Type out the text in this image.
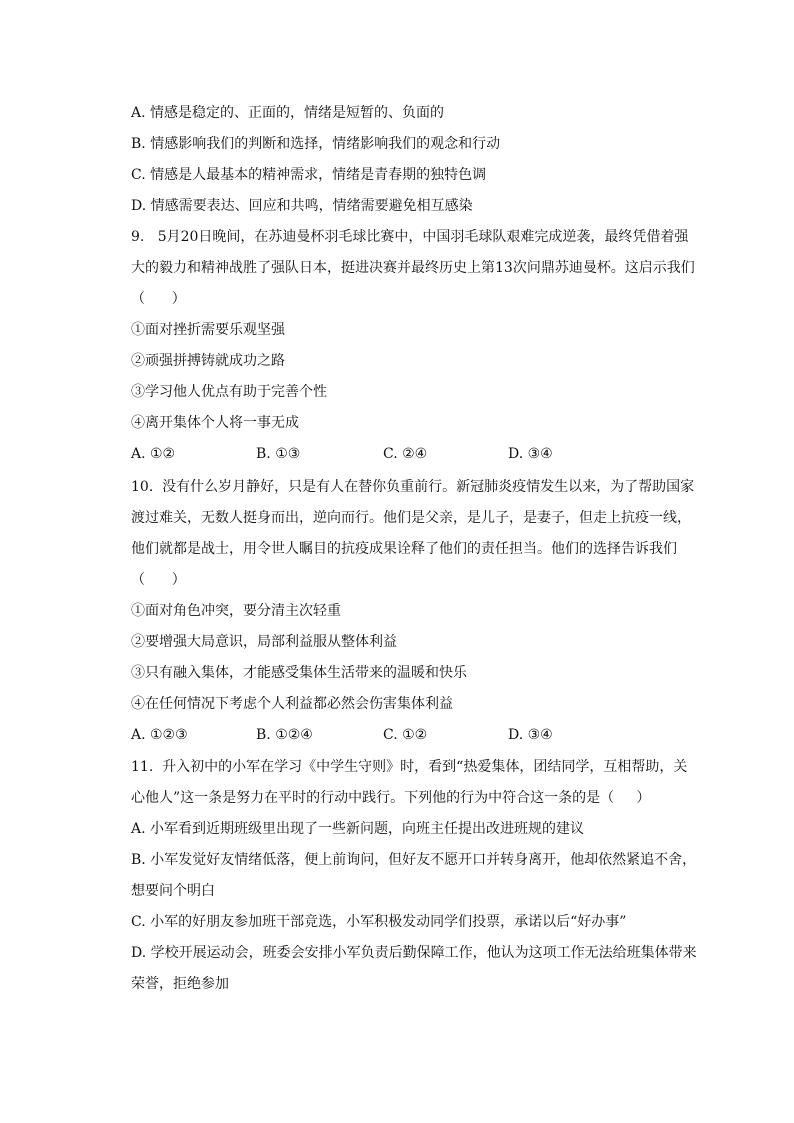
A. 情感是稳定的、正面的，情绪是短暂的、负面的
B. 情感影响我们的判断和选择，情绪影响我们的观念和行动
C. 情感是人最基本的精神需求，情绪是青春期的独特色调
D. 情感需要表达、回应和共鸣，情绪需要避免相互感染
9.   5月20日晚间，在苏迪曼杯羽毛球比赛中，中国羽毛球队艰难完成逆袭，最终凭借着强
大的毅力和精神战胜了强队日本，挺进决赛并最终历史上第13次问鼎苏迪曼杯。这启示我们
（      ）
①面对挫折需要乐观坚强
②顽强拼搏铸就成功之路
③学习他人优点有助于完善个性
④离开集体个人将一事无成
A. ①②	B. ①③	C. ②④	D. ③④
10.  没有什么岁月静好，只是有人在替你负重前行。新冠肺炎疫情发生以来，为了帮助国家
渡过难关，无数人挺身而出，逆向而行。他们是父亲，是儿子，是妻子，但走上抗疫一线，
他们就都是战士，用令世人瞩目的抗疫成果诠释了他们的责任担当。他们的选择告诉我们
（      ）
①面对角色冲突，要分清主次轻重
②要增强大局意识，局部利益服从整体利益
③只有融入集体，才能感受集体生活带来的温暖和快乐
④在任何情况下考虑个人利益都必然会伤害集体利益
A. ①②③	B. ①②④	C. ①②	D. ③④
11.  升入初中的小军在学习《中学生守则》时，看到“热爱集体，团结同学，互相帮助，关
心他人”这一条是努力在平时的行动中践行。下列他的行为中符合这一条的是（     ）
A. 小军看到近期班级里出现了一些新问题，向班主任提出改进班规的建议
B. 小军发觉好友情绪低落，便上前询问，但好友不愿开口并转身离开，他却依然紧追不舍，
想要问个明白
C. 小军的好朋友参加班干部竞选，小军积极发动同学们投票，承诺以后“好办事”
D. 学校开展运动会，班委会安排小军负责后勤保障工作，他认为这项工作无法给班集体带来
荣誉，拒绝参加
